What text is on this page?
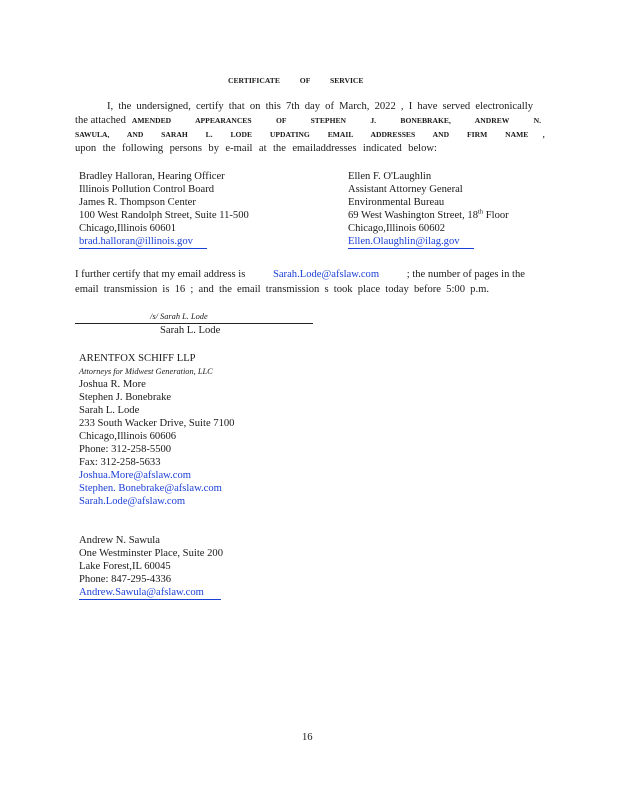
CERTIFICATE OF SERVICE
I, the undersigned, certify that on this 7th day of March, 2022 , I have served electronically
the attached AMENDED APPEARANCES OF STEPHEN J. BONEBRAKE, ANDREW N.
SAWULA, AND SARAH L. LODE UPDATING EMAIL ADDRESSES AND FIRM NAME ,
upon the following persons by e-mail at the emailaddresses indicated below:
Bradley Halloran, Hearing Officer
Illinois Pollution Control Board
James R. Thompson Center
100 West Randolph Street, Suite 11-500
Chicago,Illinois 60601
brad.halloran@illinois.gov
Ellen F. O'Laughlin
Assistant Attorney General
Environmental Bureau
69 West Washington Street, 18th Floor
Chicago,Illinois 60602
Ellen.Olaughlin@ilag.gov
I further certify that my email address is	Sarah.Lode@afslaw.com	; the number of pages in the
email transmission is 16 ; and the email transmission s took place today before 5:00 p.m.
/s/ Sarah L. Lode
Sarah L. Lode
ARENTFOX SCHIFF LLP
Attorneys for Midwest Generation, LLC
Joshua R. More
Stephen J. Bonebrake
Sarah L. Lode
233 South Wacker Drive, Suite 7100
Chicago,Illinois 60606
Phone: 312-258-5500
Fax: 312-258-5633
Joshua.More@afslaw.com
Stephen. Bonebrake@afslaw.com
Sarah.Lode@afslaw.com
Andrew N. Sawula
One Westminster Place, Suite 200
Lake Forest,IL 60045
Phone: 847-295-4336
Andrew.Sawula@afslaw.com
16
